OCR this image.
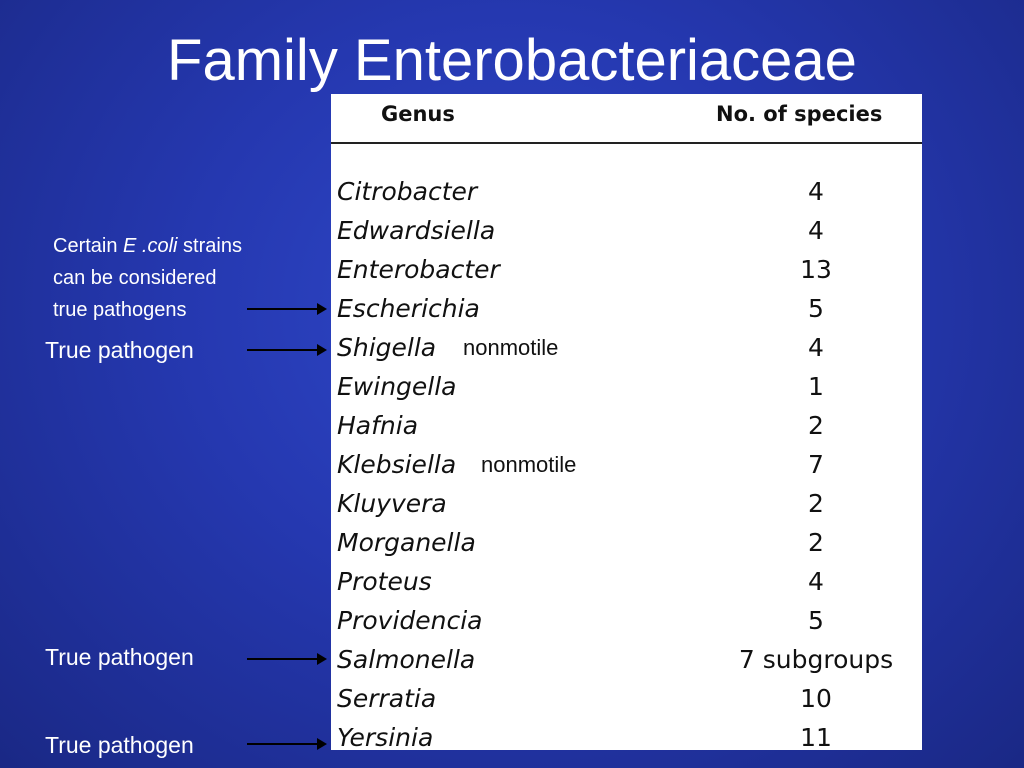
Family Enterobacteriaceae
Genus	No. of species
Citrobacter	4
Edwardsiella	4
Enterobacter	13
Escherichia	5
Shigella nonmotile	4
Ewingella	1
Hafnia	2
Klebsiella nonmotile	7
Kluyvera	2
Morganella	2
Proteus	4
Providencia	5
Salmonella	7 subgroups
Serratia	10
Yersinia	11
Certain E .coli strains
can be considered
true pathogens
True pathogen
True pathogen
True pathogen
